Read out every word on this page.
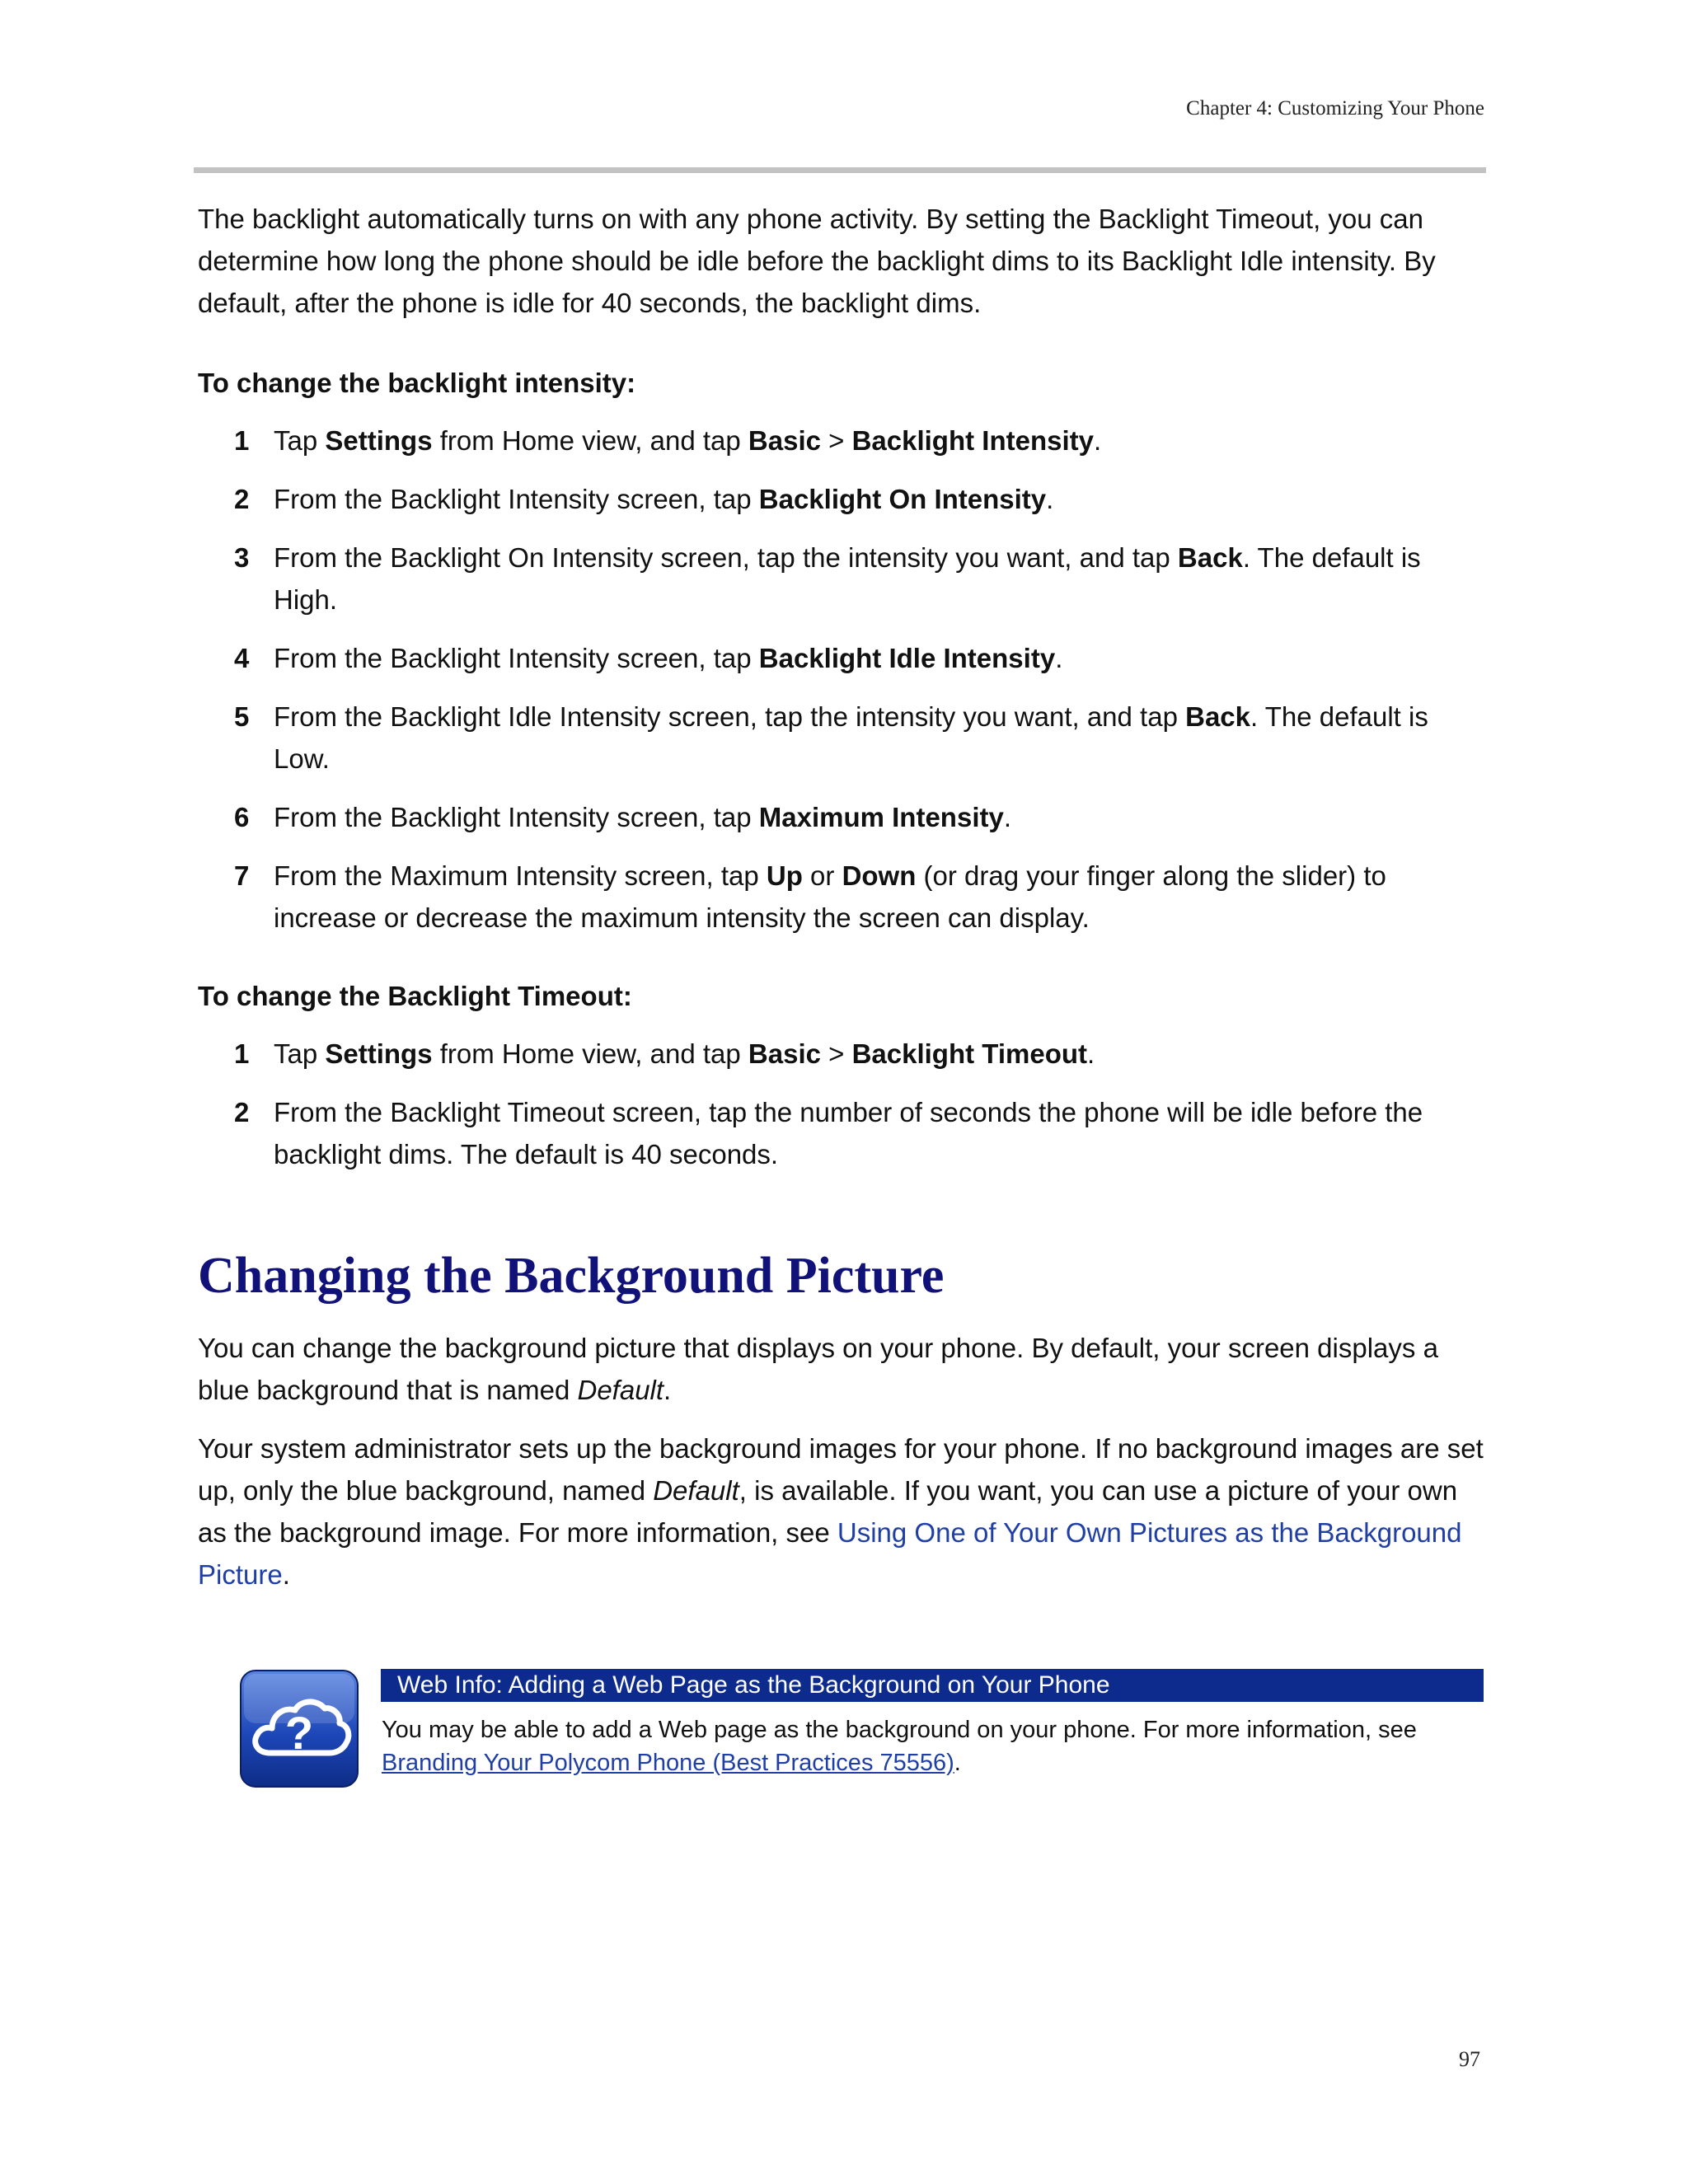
Chapter 4: Customizing Your Phone

The backlight automatically turns on with any phone activity. By setting the Backlight Timeout, you can determine how long the phone should be idle before the backlight dims to its Backlight Idle intensity. By default, after the phone is idle for 40 seconds, the backlight dims.

To change the backlight intensity:
1 Tap Settings from Home view, and tap Basic > Backlight Intensity.
2 From the Backlight Intensity screen, tap Backlight On Intensity.
3 From the Backlight On Intensity screen, tap the intensity you want, and tap Back. The default is High.
4 From the Backlight Intensity screen, tap Backlight Idle Intensity.
5 From the Backlight Idle Intensity screen, tap the intensity you want, and tap Back. The default is Low.
6 From the Backlight Intensity screen, tap Maximum Intensity.
7 From the Maximum Intensity screen, tap Up or Down (or drag your finger along the slider) to increase or decrease the maximum intensity the screen can display.
To change the Backlight Timeout:
1 Tap Settings from Home view, and tap Basic > Backlight Timeout.
2 From the Backlight Timeout screen, tap the number of seconds the phone will be idle before the backlight dims. The default is 40 seconds.
Changing the Background Picture

You can change the background picture that displays on your phone. By default, your screen displays a blue background that is named Default.

Your system administrator sets up the background images for your phone. If no background images are set up, only the blue background, named Default, is available. If you want, you can use a picture of your own as the background image. For more information, see Using One of Your Own Pictures as the Background Picture.

?
Web Info: Adding a Web Page as the Background on Your Phone
You may be able to add a Web page as the background on your phone. For more information, see Branding Your Polycom Phone (Best Practices 75556).
97
